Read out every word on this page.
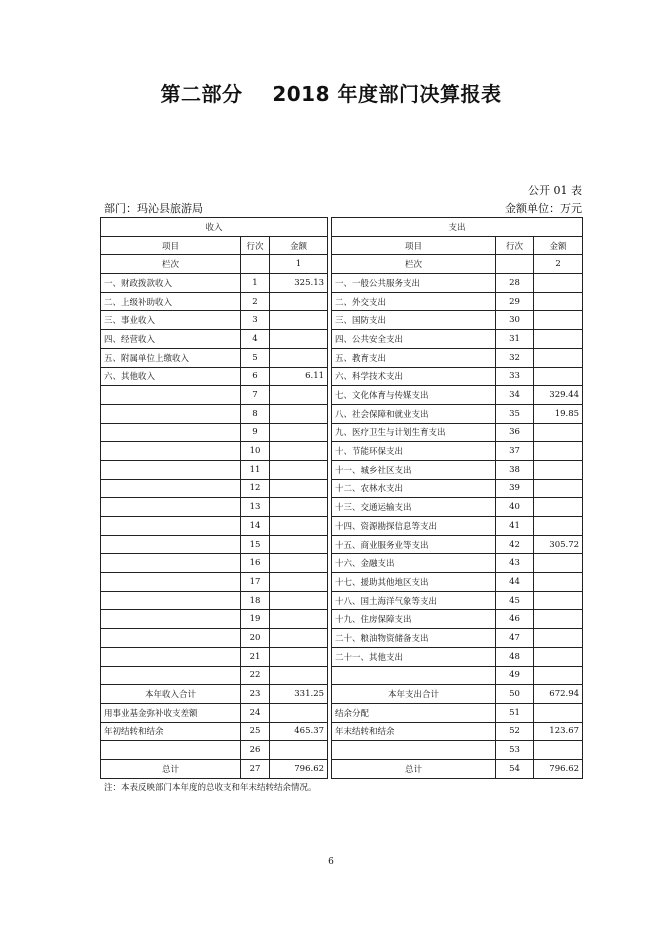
第二部分    2018 年度部门决算报表
公开 01 表
部门：玛沁县旅游局	金额单位：万元
收入				支出		
项目	行次	金额		项目	行次	金额
栏次		1		栏次		2
一、财政拨款收入	1	325.13		一、一般公共服务支出	28	
二、上级补助收入	2			二、外交支出	29	
三、事业收入	3			三、国防支出	30	
四、经营收入	4			四、公共安全支出	31	
五、附属单位上缴收入	5			五、教育支出	32	
六、其他收入	6	6.11		六、科学技术支出	33	
	7			七、文化体育与传媒支出	34	329.44
	8			八、社会保障和就业支出	35	19.85
	9			九、医疗卫生与计划生育支出	36	
	10			十、节能环保支出	37	
	11			十一、城乡社区支出	38	
	12			十二、农林水支出	39	
	13			十三、交通运输支出	40	
	14			十四、资源勘探信息等支出	41	
	15			十五、商业服务业等支出	42	305.72
	16			十六、金融支出	43	
	17			十七、援助其他地区支出	44	
	18			十八、国土海洋气象等支出	45	
	19			十九、住房保障支出	46	
	20			二十、粮油物资储备支出	47	
	21			二十一、其他支出	48	
	22				49	
本年收入合计	23	331.25		本年支出合计	50	672.94
用事业基金弥补收支差额	24			结余分配	51	
年初结转和结余	25	465.37		年末结转和结余	52	123.67
	26				53	
总计	27	796.62		总计	54	796.62
注：本表反映部门本年度的总收支和年末结转结余情况。
6
